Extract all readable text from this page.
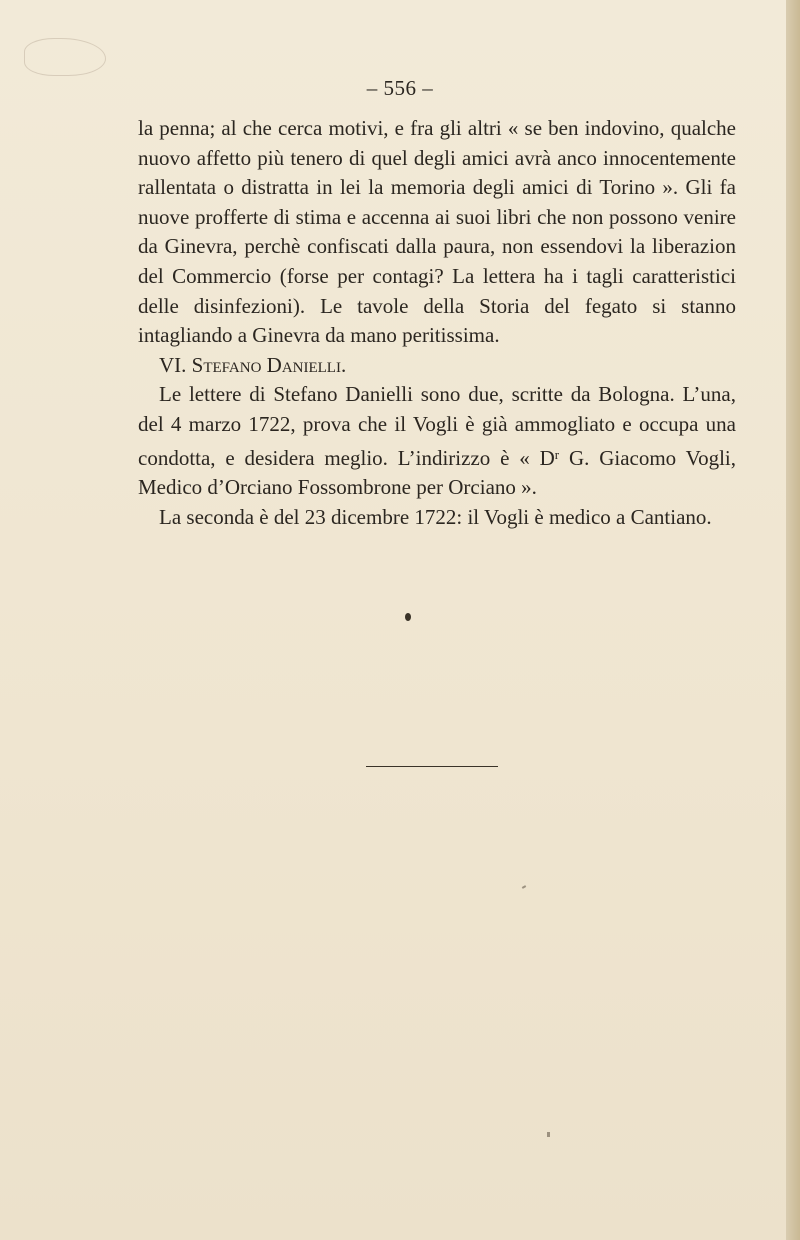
– 556 –

la penna; al che cerca motivi, e fra gli altri « se ben indovino, qualche nuovo affetto più tenero di quel degli amici avrà anco innocentemente rallentata o distratta in lei la memoria degli amici di Torino ». Gli fa nuove profferte di stima e accenna ai suoi libri che non possono venire da Ginevra, perchè confiscati dalla paura, non essendovi la liberazion del Commercio (forse per contagi? La lettera ha i tagli caratteristici delle disinfezioni). Le tavole della Storia del fegato si stanno intagliando a Ginevra da mano peritissima.

VI. Stefano Danielli.

Le lettere di Stefano Danielli sono due, scritte da Bologna. L’una, del 4 marzo 1722, prova che il Vogli è già ammogliato e occupa una condotta, e desidera meglio. L’indirizzo è « $D^r$ G. Giacomo Vogli, Medico d’Orciano Fossombrone per Orciano ».

La seconda è del 23 dicembre 1722: il Vogli è medico a Cantiano.
